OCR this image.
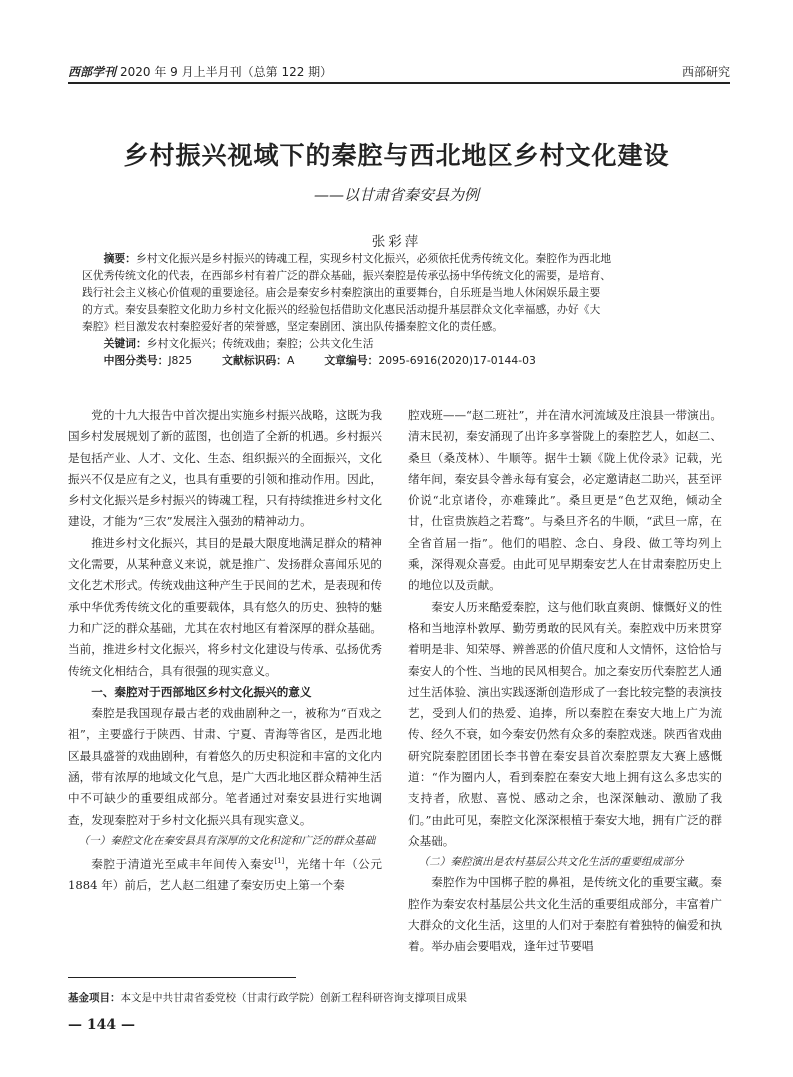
西部学刊 2020 年 9 月上半月刊（总第 122 期）	西部研究
乡村振兴视域下的秦腔与西北地区乡村文化建设
——以甘肃省秦安县为例
张彩萍
  摘要：乡村文化振兴是乡村振兴的铸魂工程，实现乡村文化振兴，必须依托优秀传统文化。秦腔作为西北地
区优秀传统文化的代表，在西部乡村有着广泛的群众基础，振兴秦腔是传承弘扬中华传统文化的需要，是培育、
践行社会主义核心价值观的重要途径。庙会是秦安乡村秦腔演出的重要舞台，自乐班是当地人休闲娱乐最主要
的方式。秦安县秦腔文化助力乡村文化振兴的经验包括借助文化惠民活动提升基层群众文化幸福感，办好《大
秦腔》栏目激发农村秦腔爱好者的荣誉感，坚定秦剧团、演出队传播秦腔文化的责任感。
  关键词：乡村文化振兴；传统戏曲；秦腔；公共文化生活
  中图分类号：J825	文献标识码：A	文章编号：2095-6916(2020)17-0144-03

党的十九大报告中首次提出实施乡村振兴战略，这既为我国乡村发展规划了新的蓝图，也创造了全新的机遇。乡村振兴是包括产业、人才、文化、生态、组织振兴的全面振兴，文化振兴不仅是应有之义，也具有重要的引领和推动作用。因此，乡村文化振兴是乡村振兴的铸魂工程，只有持续推进乡村文化建设，才能为“三农”发展注入强劲的精神动力。

推进乡村文化振兴，其目的是最大限度地满足群众的精神文化需要，从某种意义来说，就是推广、发扬群众喜闻乐见的文化艺术形式。传统戏曲这种产生于民间的艺术，是表现和传承中华优秀传统文化的重要载体，具有悠久的历史、独特的魅力和广泛的群众基础，尤其在农村地区有着深厚的群众基础。当前，推进乡村文化振兴，将乡村文化建设与传承、弘扬优秀传统文化相结合，具有很强的现实意义。

一、秦腔对于西部地区乡村文化振兴的意义

秦腔是我国现存最古老的戏曲剧种之一，被称为“百戏之祖”，主要盛行于陕西、甘肃、宁夏、青海等省区，是西北地区最具盛誉的戏曲剧种，有着悠久的历史积淀和丰富的文化内涵，带有浓厚的地域文化气息，是广大西北地区群众精神生活中不可缺少的重要组成部分。笔者通过对秦安县进行实地调查，发现秦腔对于乡村文化振兴具有现实意义。

（一）秦腔文化在秦安县具有深厚的文化积淀和广泛的群众基础

秦腔于清道光至咸丰年间传入秦安[1]，光绪十年（公元 1884 年）前后，艺人赵二组建了秦安历史上第一个秦

腔戏班——“赵二班社”，并在清水河流域及庄浪县一带演出。清末民初，秦安涌现了出许多享誉陇上的秦腔艺人，如赵二、桑旦（桑茂林）、牛顺等。据牛士颖《陇上优伶录》记载，光绪年间，秦安县令善永每有宴会，必定邀请赵二助兴，甚至评价说“北京诸伶，亦难臻此”。桑旦更是“色艺双绝，倾动全甘，仕宦贵族趋之若鹜”。与桑旦齐名的牛顺，“武旦一席，在全省首届一指”。他们的唱腔、念白、身段、做工等均列上乘，深得观众喜爱。由此可见早期秦安艺人在甘肃秦腔历史上的地位以及贡献。

秦安人历来酷爱秦腔，这与他们耿直爽朗、慷慨好义的性格和当地淳朴敦厚、勤劳勇敢的民风有关。秦腔戏中历来贯穿着明是非、知荣辱、辨善恶的价值尺度和人文情怀，这恰恰与秦安人的个性、当地的民风相契合。加之秦安历代秦腔艺人通过生活体验、演出实践逐渐创造形成了一套比较完整的表演技艺，受到人们的热爱、追捧，所以秦腔在秦安大地上广为流传、经久不衰，如今秦安仍然有众多的秦腔戏迷。陕西省戏曲研究院秦腔团团长李书曾在秦安县首次秦腔票友大赛上感慨道：“作为圈内人，看到秦腔在秦安大地上拥有这么多忠实的支持者，欣慰、喜悦、感动之余，也深深触动、激励了我们。”由此可见，秦腔文化深深根植于秦安大地，拥有广泛的群众基础。

（二）秦腔演出是农村基层公共文化生活的重要组成部分

秦腔作为中国梆子腔的鼻祖，是传统文化的重要宝藏。秦腔作为秦安农村基层公共文化生活的重要组成部分，丰富着广大群众的文化生活，这里的人们对于秦腔有着独特的偏爱和执着。举办庙会要唱戏，逢年过节要唱

基金项目：本文是中共甘肃省委党校（甘肃行政学院）创新工程科研咨询支撑项目成果
— 144 —
